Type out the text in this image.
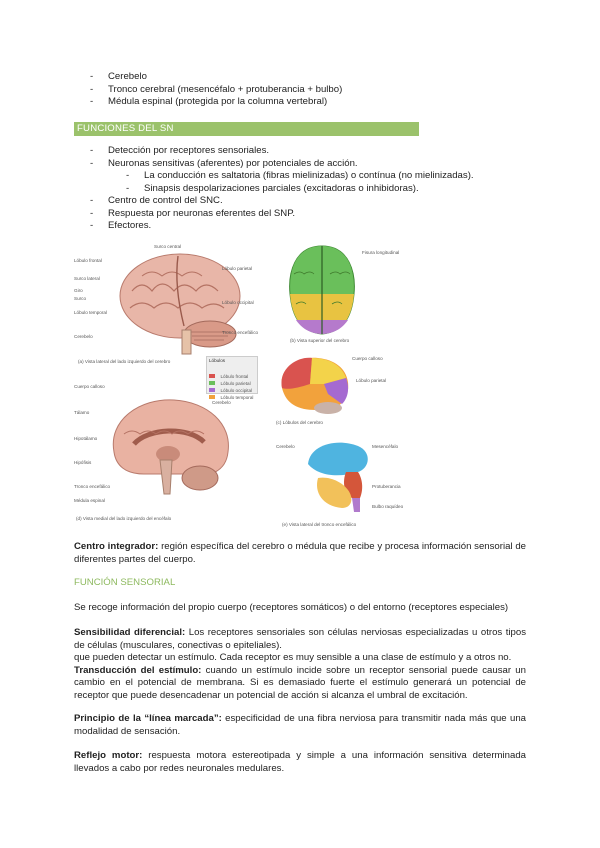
- Cerebelo
- Tronco cerebral (mesencéfalo + protuberancia + bulbo)
- Médula espinal (protegida por la columna vertebral)
FUNCIONES DEL SN
- Detección por receptores sensoriales.
- Neuronas sensitivas (aferentes) por potenciales de acción.
- La conducción es saltatoria (fibras mielinizadas) o contínua (no mielinizadas).
- Sinapsis despolarizaciones parciales (excitadoras o inhibidoras).
- Centro de control del SNC.
- Respuesta por neuronas eferentes del SNP.
- Efectores.
Surco central
Lóbulo frontal
Surco lateral
Giro
Surco
Lóbulo temporal
Cerebelo
Lóbulo parietal
Lóbulo occipital
Tronco encefálico
(a) Vista lateral del lado izquierdo del cerebro
Fisura longitudinal
(b) Vista superior del cerebro
Lóbulos
Lóbulo frontal
Lóbulo parietal
Lóbulo occipital
Lóbulo temporal
Cuerpo calloso
Lóbulo parietal
(c) Lóbulos del cerebro
Cuerpo calloso
Tálamo
Hipotálamo
Hipófisis
Tronco encefálico
Médula espinal
Cerebelo
(d) Vista medial del lado izquierdo del encéfalo
Cerebelo	Mesencéfalo
Protuberancia
Bulbo raquídeo
(e) Vista lateral del tronco encefálico
Centro integrador: región específica del cerebro o médula que recibe y procesa información sensorial de diferentes partes del cuerpo.
FUNCIÓN SENSORIAL
Se recoge información del propio cuerpo (receptores somáticos) o del entorno (receptores especiales)
Sensibilidad diferencial: Los receptores sensoriales son células nerviosas especializadas u otros tipos de células (musculares, conectivas o epiteliales).
que pueden detectar un estímulo. Cada receptor es muy sensible a una clase de estímulo y a otros no.
Transducción del estímulo: cuando un estímulo incide sobre un receptor sensorial puede causar un cambio en el potencial de membrana. Si es demasiado fuerte el estímulo generará un potencial de receptor que puede desencadenar un potencial de acción si alcanza el umbral de excitación.
Principio de la “línea marcada”: especificidad de una fibra nerviosa para transmitir nada más que una modalidad de sensación.
Reflejo motor: respuesta motora estereotipada y simple a una información sensitiva determinada llevados a cabo por redes neuronales medulares.
